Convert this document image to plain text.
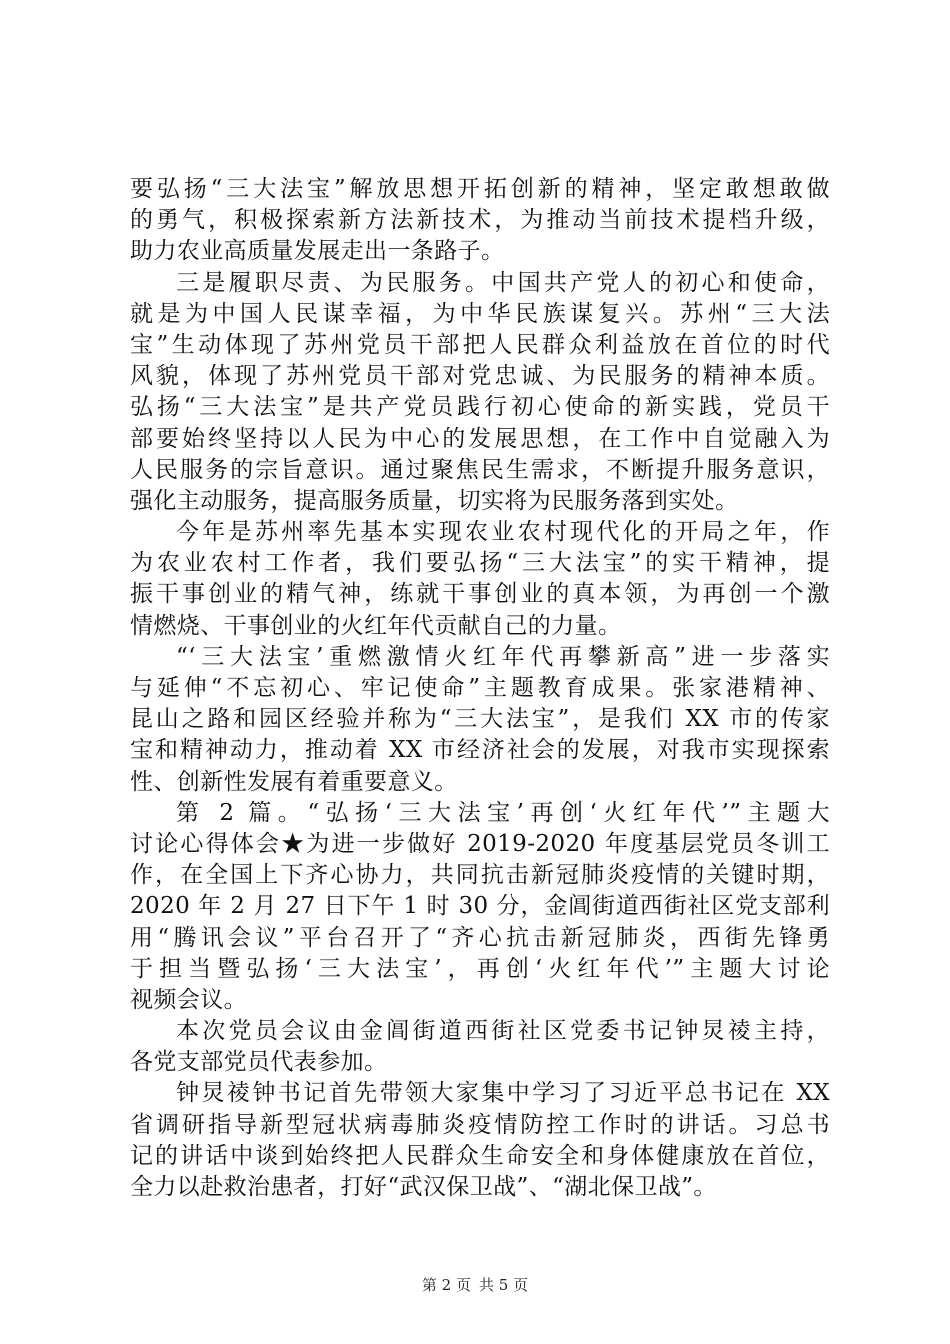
要弘扬“三大法宝”解放思想开拓创新的精神，坚定敢想敢做
的勇气，积极探索新方法新技术，为推动当前技术提档升级，
助力农业高质量发展走出一条路子。
三是履职尽责、为民服务。中国共产党人的初心和使命，
就是为中国人民谋幸福，为中华民族谋复兴。苏州“三大法
宝”生动体现了苏州党员干部把人民群众利益放在首位的时代
风貌，体现了苏州党员干部对党忠诚、为民服务的精神本质。
弘扬“三大法宝”是共产党员践行初心使命的新实践，党员干
部要始终坚持以人民为中心的发展思想，在工作中自觉融入为
人民服务的宗旨意识。通过聚焦民生需求，不断提升服务意识，
强化主动服务，提高服务质量，切实将为民服务落到实处。
今年是苏州率先基本实现农业农村现代化的开局之年，作
为农业农村工作者，我们要弘扬“三大法宝”的实干精神，提
振干事创业的精气神，练就干事创业的真本领，为再创一个激
情燃烧、干事创业的火红年代贡献自己的力量。
“‘三大法宝’重燃激情火红年代再攀新高”进一步落实
与延伸“不忘初心、牢记使命”主题教育成果。张家港精神、
昆山之路和园区经验并称为“三大法宝”，是我们 XX 市的传家
宝和精神动力，推动着 XX 市经济社会的发展，对我市实现探索
性、创新性发展有着重要意义。
第 2 篇。“弘扬‘三大法宝’再创‘火红年代’”主题大
讨论心得体会★为进一步做好 2019-2020 年度基层党员冬训工
作，在全国上下齐心协力，共同抗击新冠肺炎疫情的关键时期，
2020 年 2 月 27 日下午 1 时 30 分，金阊街道西街社区党支部利
用“腾讯会议”平台召开了“齐心抗击新冠肺炎，西街先锋勇
于担当暨弘扬‘三大法宝’，再创‘火红年代’”主题大讨论
视频会议。
本次党员会议由金阊街道西街社区党委书记钟炅祾主持，
各党支部党员代表参加。
钟炅祾钟书记首先带领大家集中学习了习近平总书记在 XX
省调研指导新型冠状病毒肺炎疫情防控工作时的讲话。习总书
记的讲话中谈到始终把人民群众生命安全和身体健康放在首位，
全力以赴救治患者，打好“武汉保卫战”、“湖北保卫战”。
第 2 页 共 5 页
